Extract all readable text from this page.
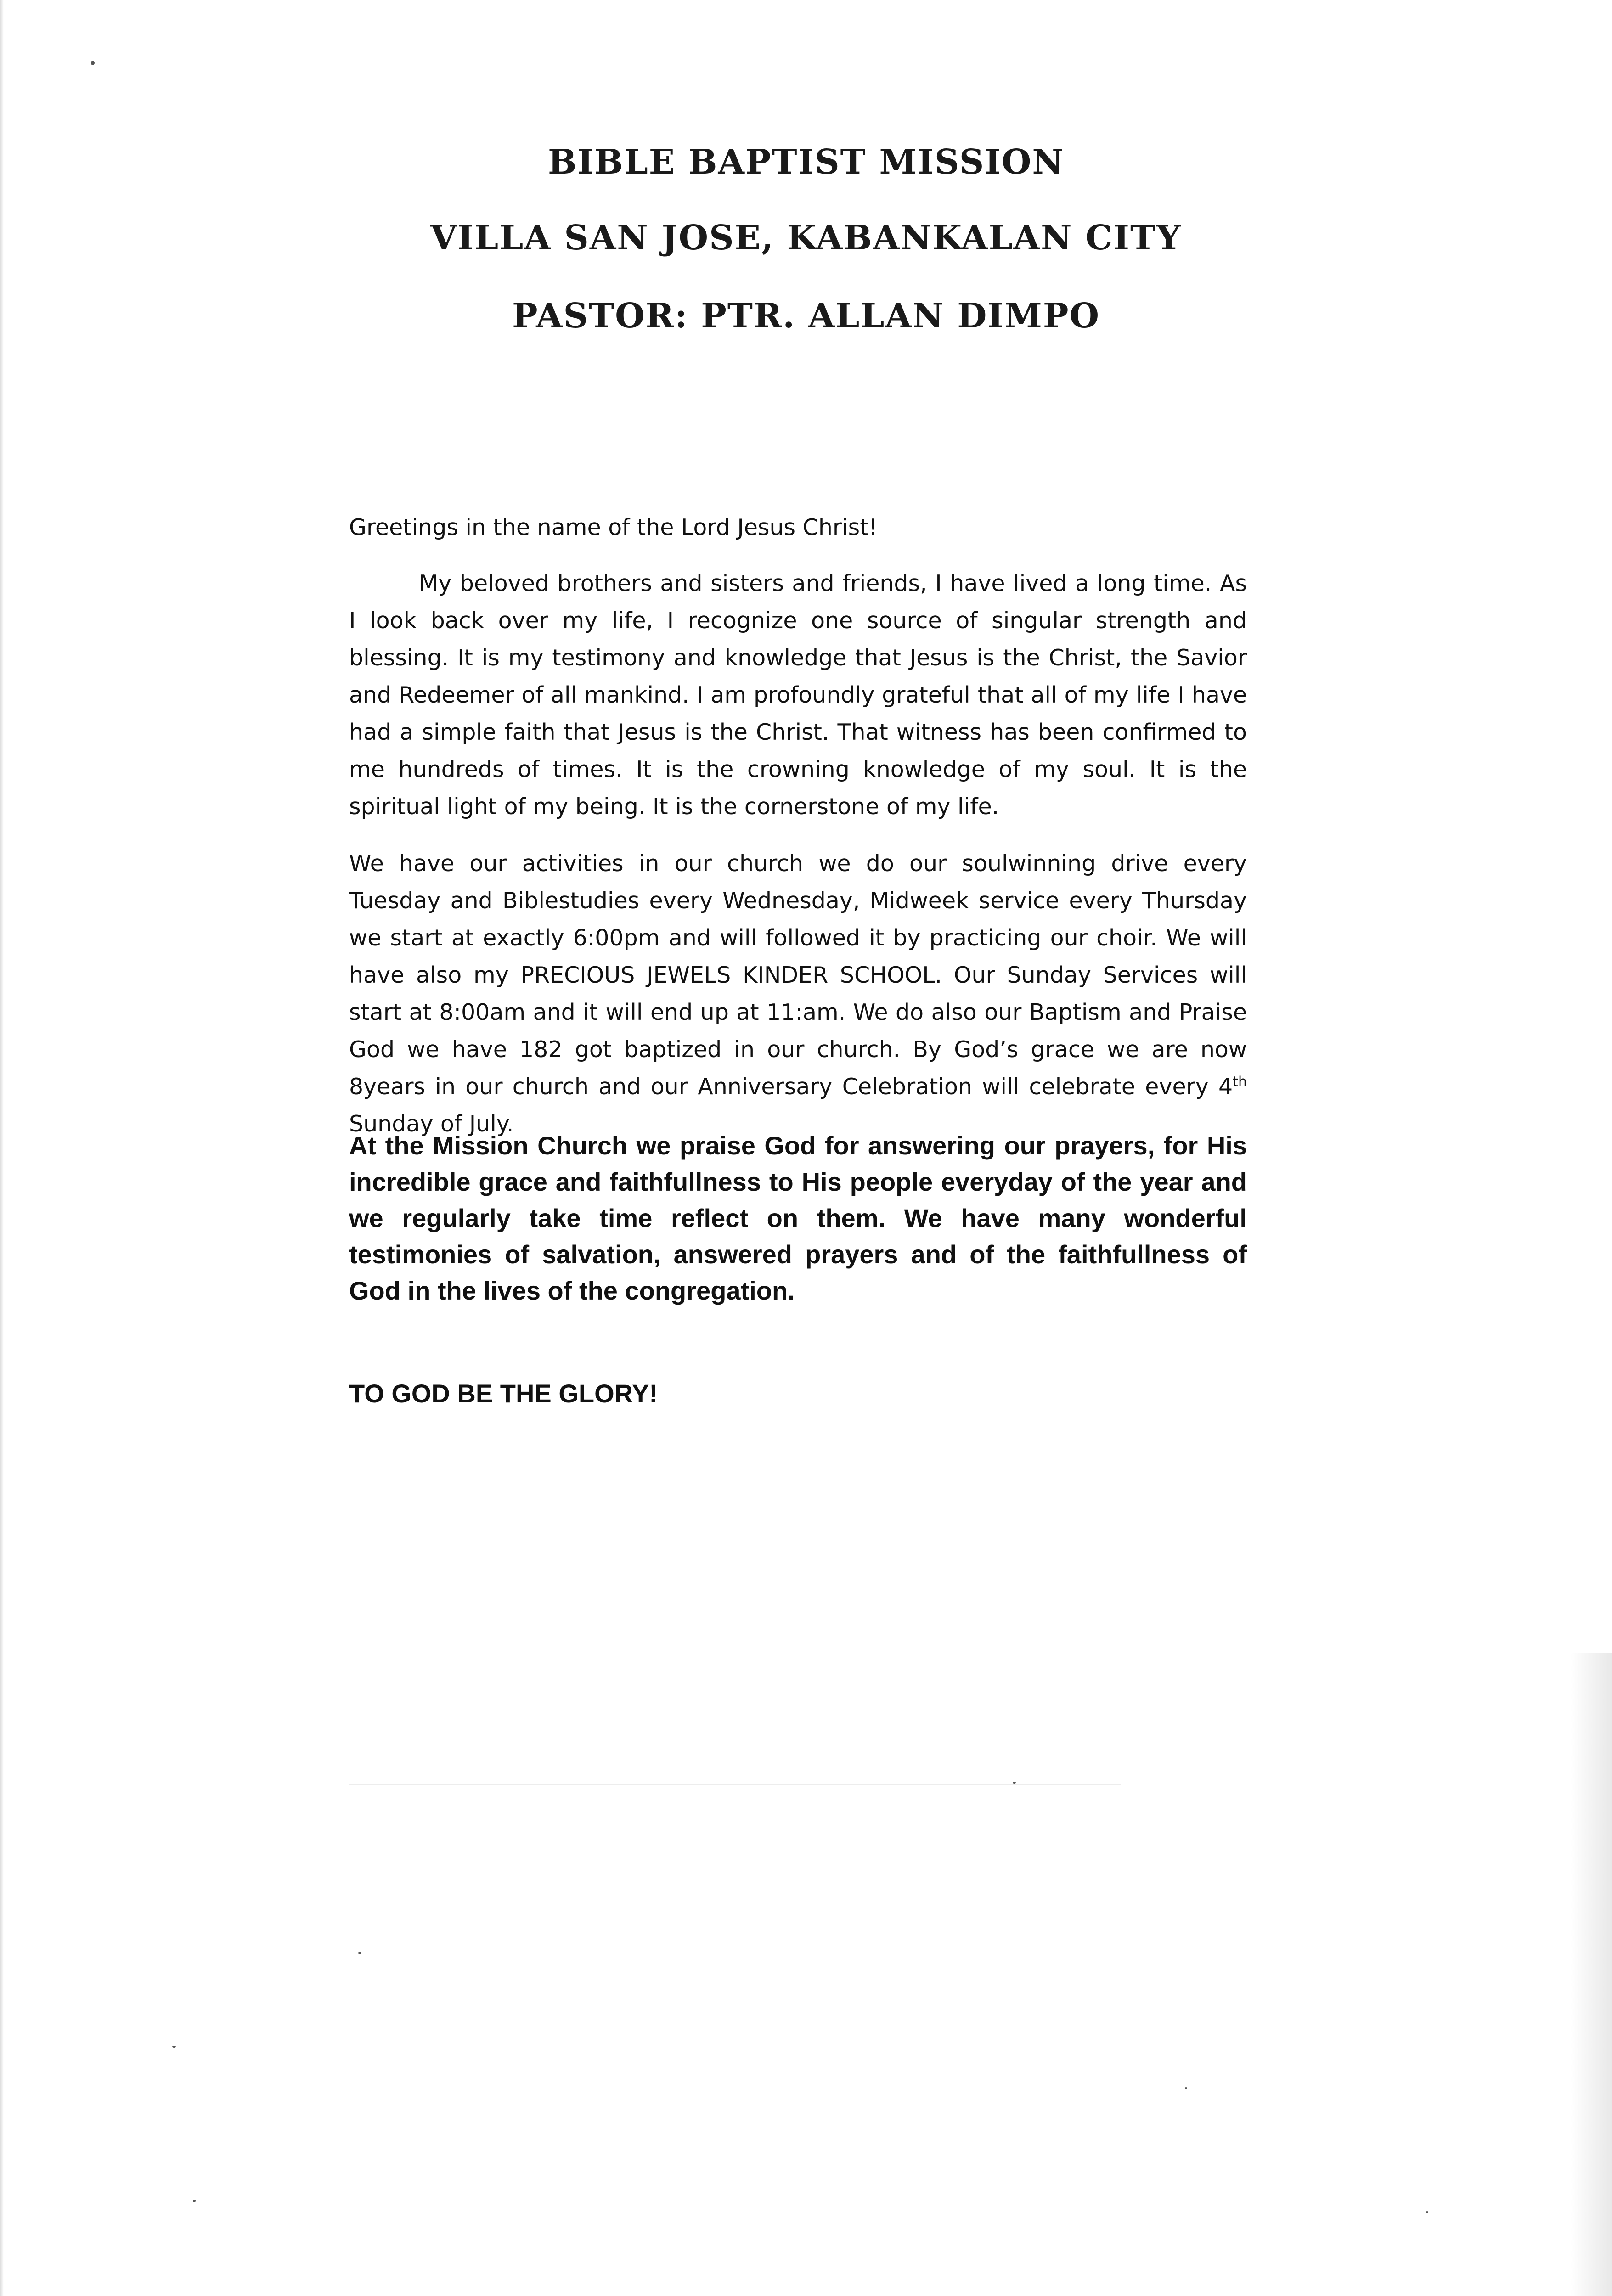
BIBLE BAPTIST MISSION
VILLA SAN JOSE, KABANKALAN CITY
PASTOR: PTR. ALLAN DIMPO

Greetings in the name of the Lord Jesus Christ!

My beloved brothers and sisters and friends, I have lived a long time. As I look back over my life, I recognize one source of singular strength and blessing. It is my testimony and knowledge that Jesus is the Christ, the Savior and Redeemer of all mankind. I am profoundly grateful that all of my life I have had a simple faith that Jesus is the Christ. That witness has been confirmed to me hundreds of times. It is the crowning knowledge of my soul. It is the spiritual light of my being. It is the cornerstone of my life.

We have our activities in our church we do our soulwinning drive every Tuesday and Biblestudies every Wednesday, Midweek service every Thursday we start at exactly 6:00pm and will followed it by practicing our choir. We will have also my PRECIOUS JEWELS KINDER SCHOOL. Our Sunday Services will start at 8:00am and it will end up at 11:am. We do also our Baptism and Praise God we have 182 got baptized in our church. By God’s grace we are now 8years in our church and our Anniversary Celebration will celebrate every 4th Sunday of July.

At the Mission Church we praise God for answering our prayers, for His incredible grace and faithfullness to His people everyday of the year and we regularly take time reflect on them. We have many wonderful testimonies of salvation, answered prayers and of the faithfullness of God in the lives of the congregation.

TO GOD BE THE GLORY!
